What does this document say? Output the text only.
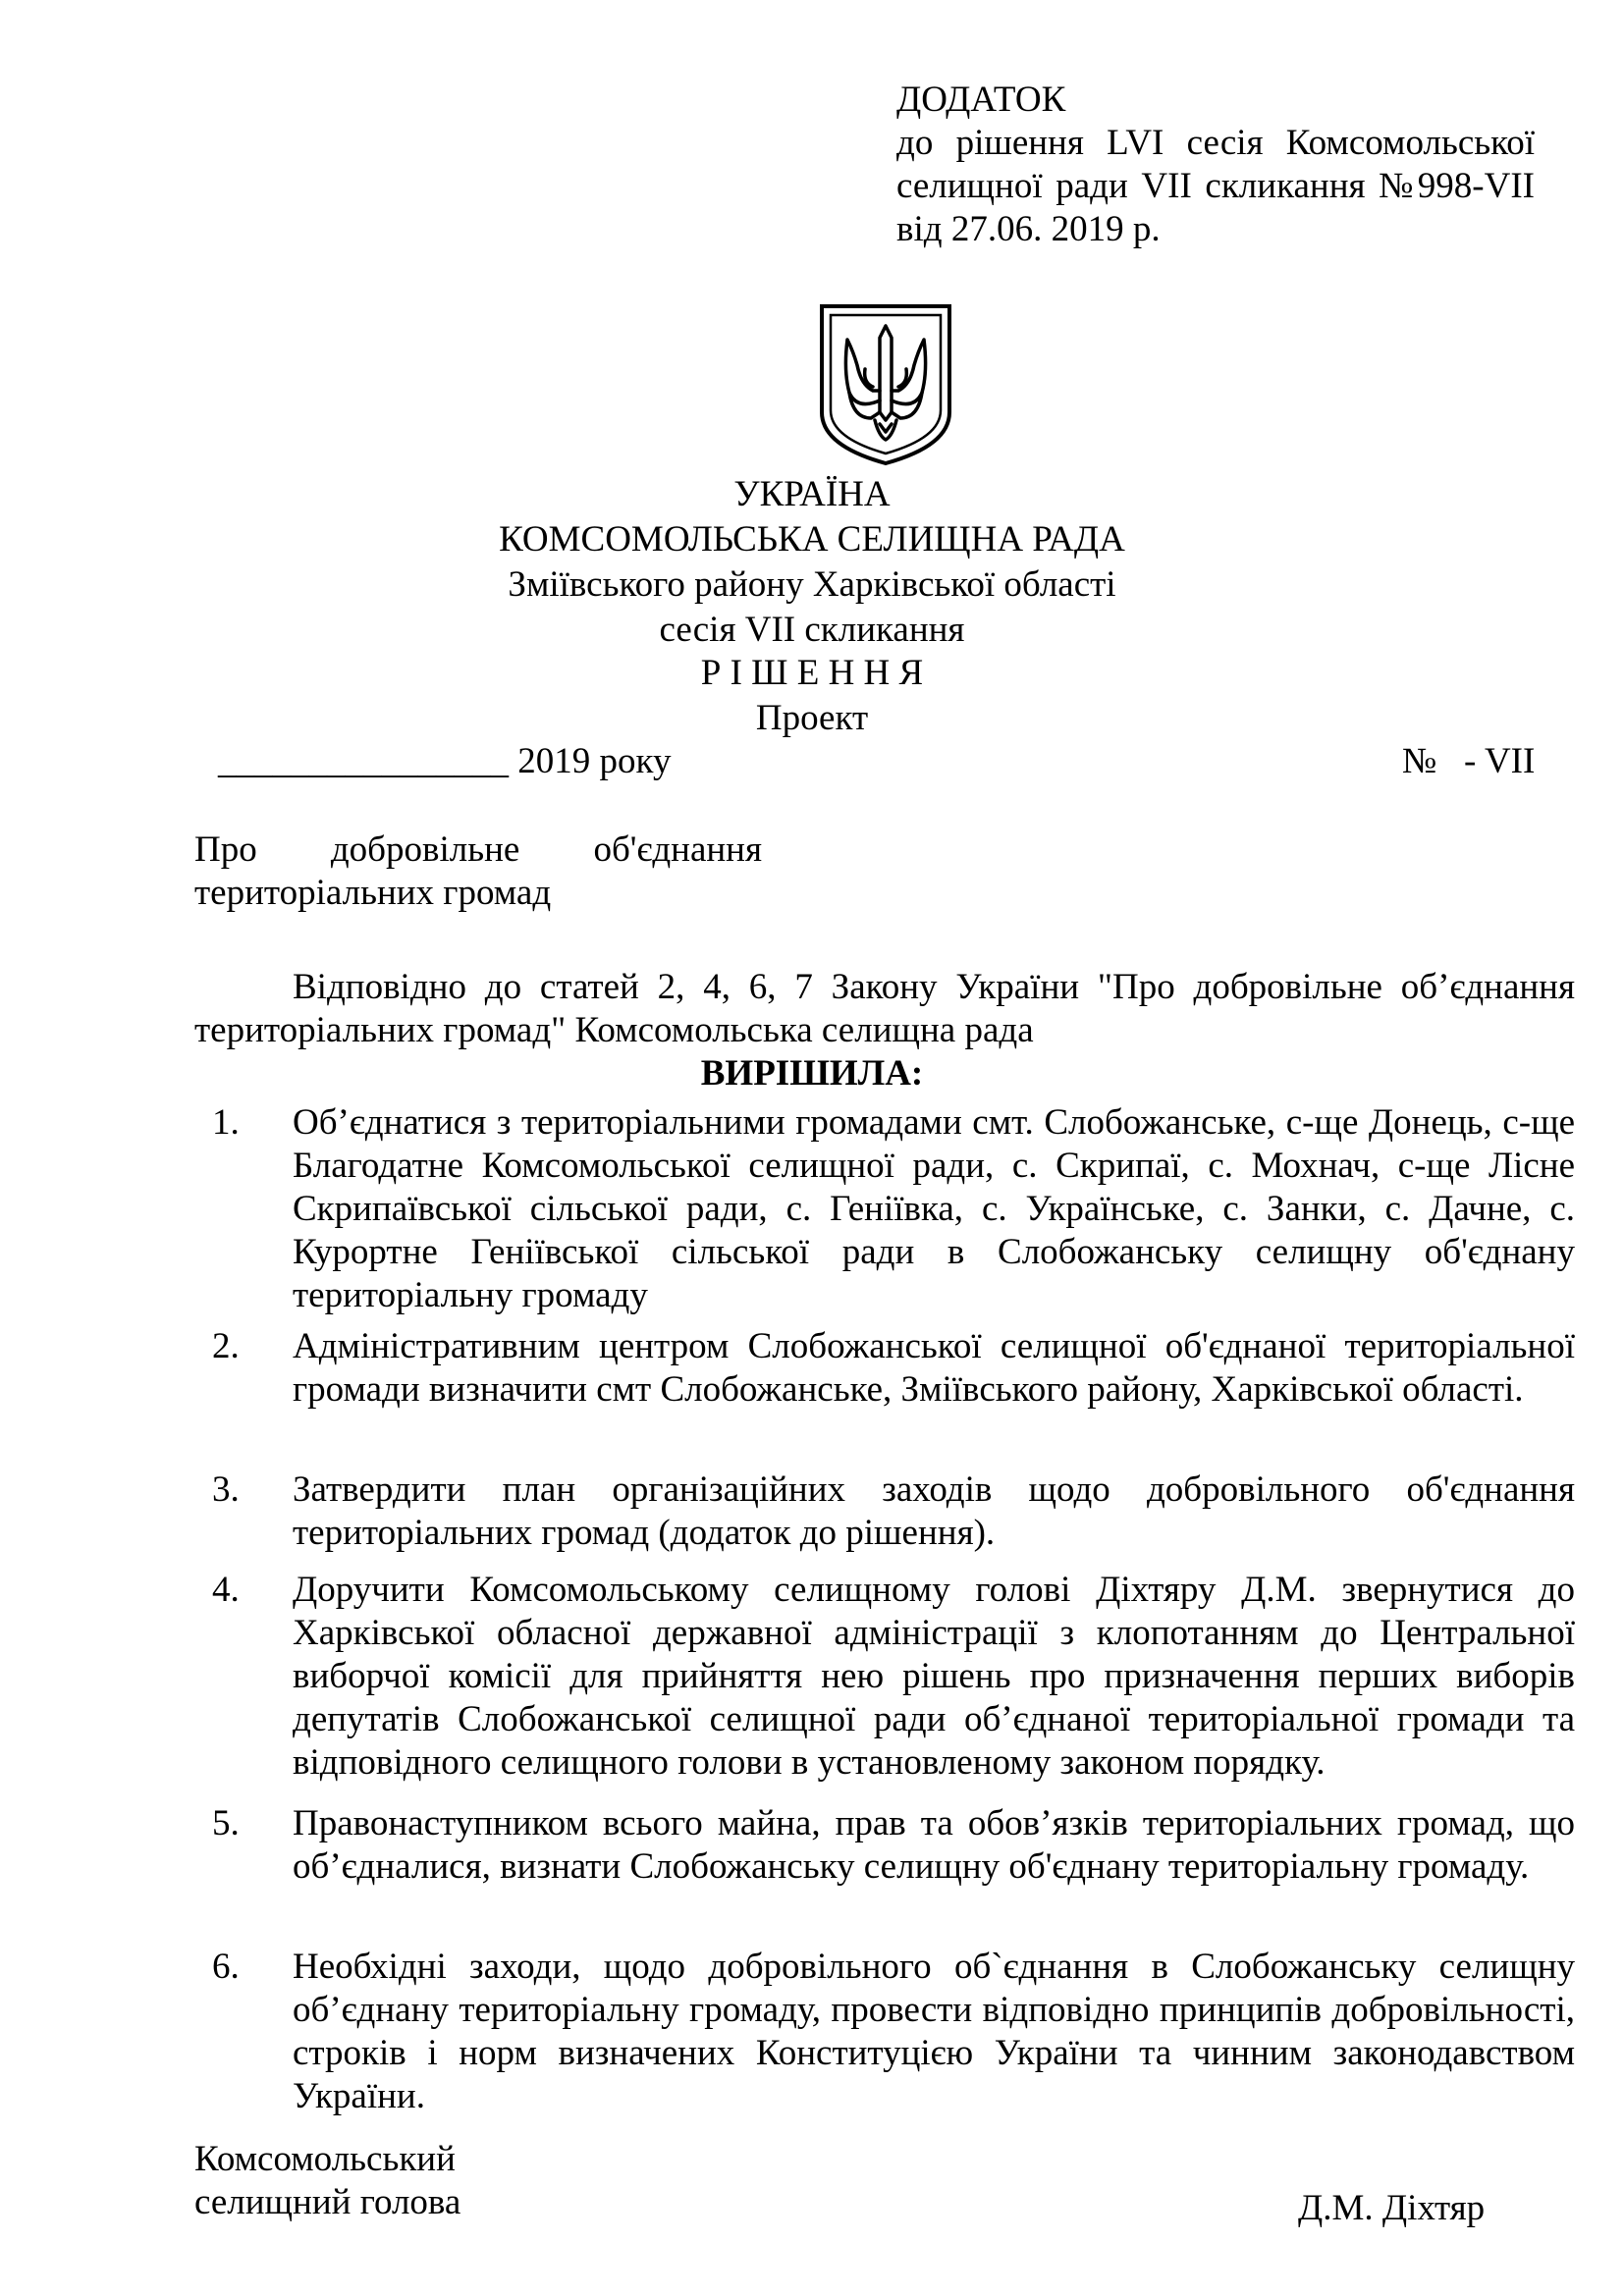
ДОДАТОК
до рішення LVІ сесія Комсомольської
селищної ради VІІ скликання №998-VІІ
від 27.06. 2019 р.
УКРАЇНА
КОМСОМОЛЬСЬКА СЕЛИЩНА РАДА
Зміївського району Харківської області
сесія VІІ скликання
Р І Ш Е Н Н Я
Проект
________________ 2019 року	№   - VІІ
Про добровільне об'єднання
територіальних громад

Відповідно до статей 2, 4, 6, 7 Закону України "Про добровільне об’єднання територіальних громад" Комсомольська селищна рада

ВИРІШИЛА:
1. Об’єднатися з територіальними громадами смт. Слобожанське, с-ще Донець, с-ще Благодатне Комсомольської селищної ради, с. Скрипаї, с. Мохнач, с-ще Лісне Скрипаївської сільської ради, с. Геніївка, с. Українське, с. Занки, с. Дачне, с. Курортне Геніївської сільської ради в Слобожанську селищну об'єднану територіальну громаду
2. Адміністративним центром Слобожанської селищної об'єднаної територіальної громади визначити смт Слобожанське, Зміївського району, Харківської області.
3. Затвердити план організаційних заходів щодо добровільного об'єднання територіальних громад (додаток до рішення).
4. Доручити Комсомольському селищному голові Діхтяру Д.М. звернутися до Харківської обласної державної адміністрації з клопотанням до Центральної виборчої комісії для прийняття нею рішень про призначення перших виборів депутатів Слобожанської селищної ради об’єднаної територіальної громади та відповідного селищного голови в установленому законом порядку.
5. Правонаступником всього майна, прав та обов’язків територіальних громад, що об’єдналися, визнати Слобожанську селищну об'єднану територіальну громаду.
6. Необхідні заходи, щодо добровільного об`єднання в Слобожанську селищну об’єднану територіальну громаду, провести відповідно принципів добровільності, строків і норм визначених Конституцією України та чинним законодавством України.
Комсомольський
селищний голова	Д.М. Діхтяр
